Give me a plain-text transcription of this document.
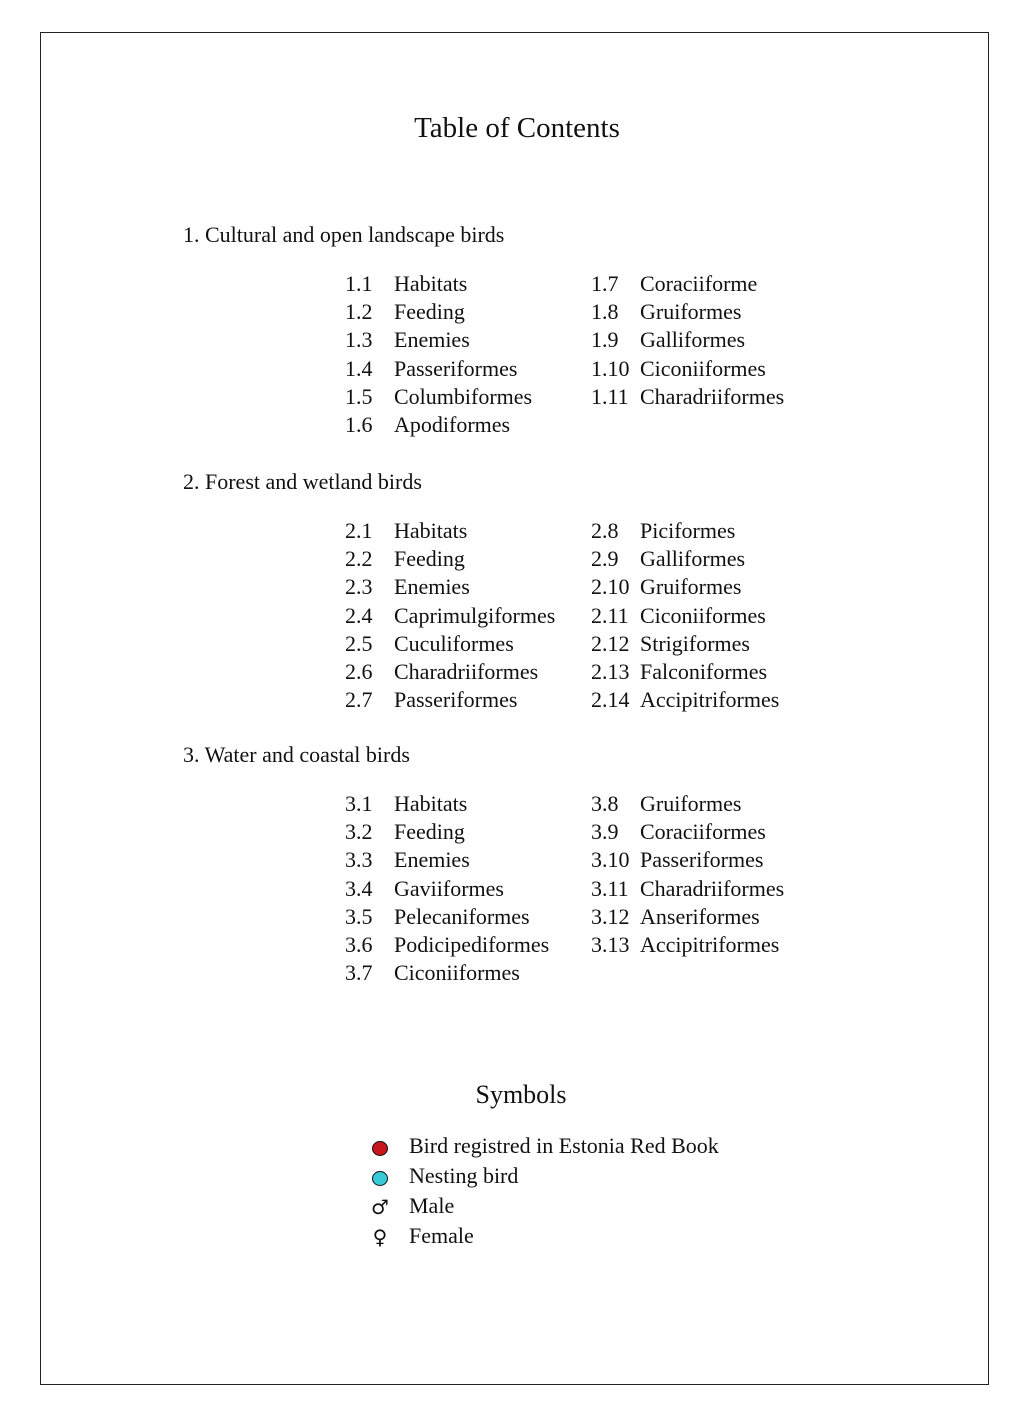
Table of Contents
1. Cultural and open landscape birds
1.1 Habitats
1.2 Feeding
1.3 Enemies
1.4 Passeriformes
1.5 Columbiformes
1.6 Apodiformes
1.7 Coraciiforme
1.8 Gruiformes
1.9 Galliformes
1.10 Ciconiiformes
1.11 Charadriiformes
2. Forest and wetland birds
2.1 Habitats
2.2 Feeding
2.3 Enemies
2.4 Caprimulgiformes
2.5 Cuculiformes
2.6 Charadriiformes
2.7 Passeriformes
2.8 Piciformes
2.9 Galliformes
2.10 Gruiformes
2.11 Ciconiiformes
2.12 Strigiformes
2.13 Falconiformes
2.14 Accipitriformes
3. Water and coastal birds
3.1 Habitats
3.2 Feeding
3.3 Enemies
3.4 Gaviiformes
3.5 Pelecaniformes
3.6 Podicipediformes
3.7 Ciconiiformes
3.8 Gruiformes
3.9 Coraciiformes
3.10 Passeriformes
3.11 Charadriiformes
3.12 Anseriformes
3.13 Accipitriformes
Symbols
Bird registred in Estonia Red Book
Nesting bird
♂ Male
♀ Female
